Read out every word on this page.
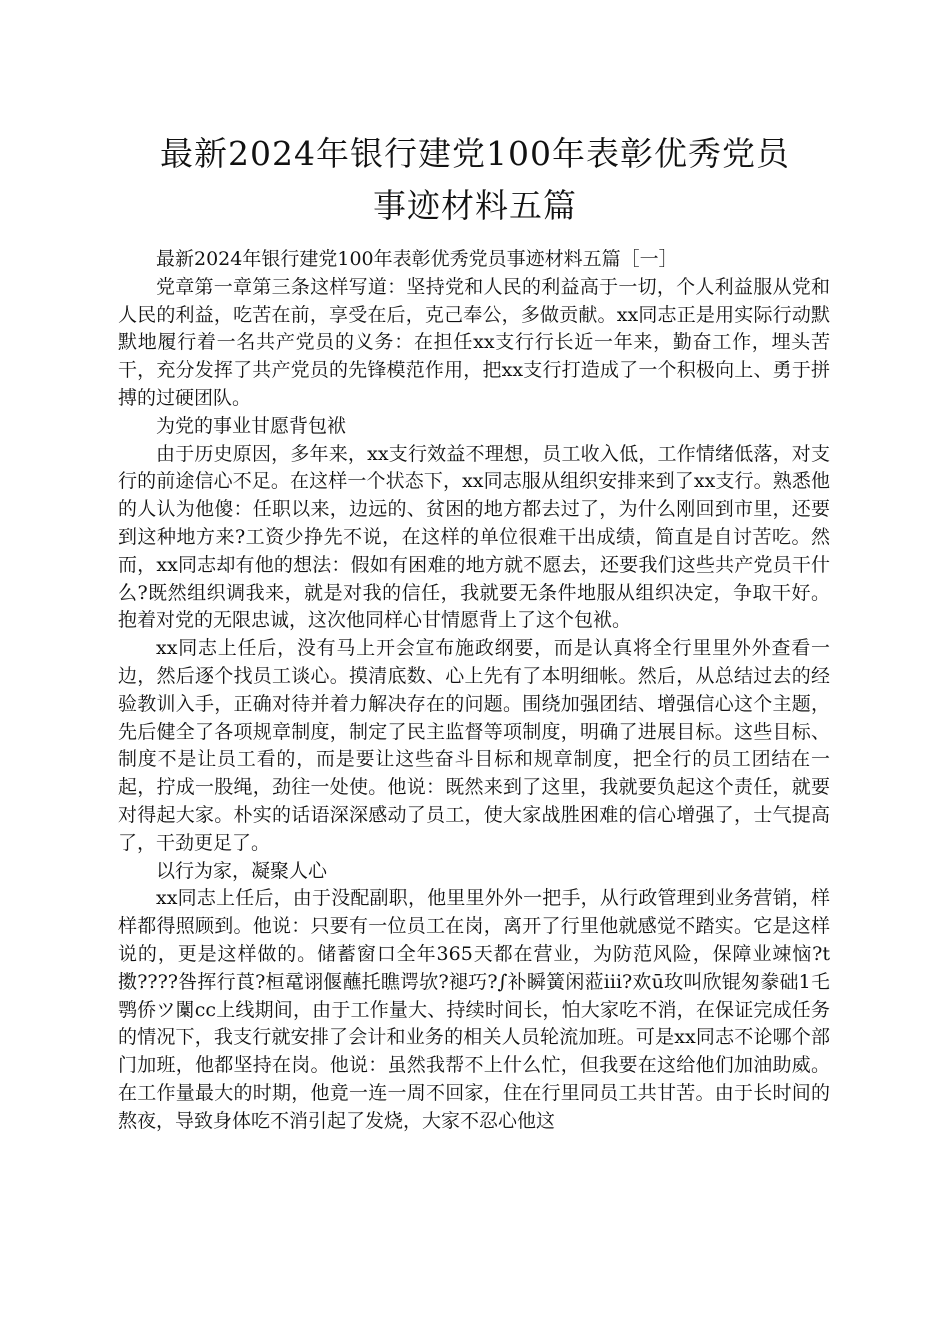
最新2024年银行建党100年表彰优秀党员
事迹材料五篇

最新2024年银行建党100年表彰优秀党员事迹材料五篇［一］

党章第一章第三条这样写道：坚持党和人民的利益高于一切，个人利益服从党和人民的利益，吃苦在前，享受在后，克己奉公，多做贡献。xx同志正是用实际行动默默地履行着一名共产党员的义务：在担任xx支行行长近一年来，勤奋工作，埋头苦干，充分发挥了共产党员的先锋模范作用，把xx支行打造成了一个积极向上、勇于拼搏的过硬团队。

为党的事业甘愿背包袱

由于历史原因，多年来，xx支行效益不理想，员工收入低，工作情绪低落，对支行的前途信心不足。在这样一个状态下，xx同志服从组织安排来到了xx支行。熟悉他的人认为他傻：任职以来，边远的、贫困的地方都去过了，为什么刚回到市里，还要到这种地方来?工资少挣先不说，在这样的单位很难干出成绩，简直是自讨苦吃。然而，xx同志却有他的想法：假如有困难的地方就不愿去，还要我们这些共产党员干什么?既然组织调我来，就是对我的信任，我就要无条件地服从组织决定，争取干好。抱着对党的无限忠诚，这次他同样心甘情愿背上了这个包袱。

xx同志上任后，没有马上开会宣布施政纲要，而是认真将全行里里外外查看一边，然后逐个找员工谈心。摸清底数、心上先有了本明细帐。然后，从总结过去的经验教训入手，正确对待并着力解决存在的问题。围绕加强团结、增强信心这个主题，先后健全了各项规章制度，制定了民主监督等项制度，明确了进展目标。这些目标、制度不是让员工看的，而是要让这些奋斗目标和规章制度，把全行的员工团结在一起，拧成一股绳，劲往一处使。他说：既然来到了这里，我就要负起这个责任，就要对得起大家。朴实的话语深深感动了员工，使大家战胜困难的信心增强了，士气提高了，干劲更足了。

以行为家，凝聚人心

xx同志上任后，由于没配副职，他里里外外一把手，从行政管理到业务营销，样样都得照顾到。他说：只要有一位员工在岗，离开了行里他就感觉不踏实。它是这样说的，更是这样做的。储蓄窗口全年365天都在营业，为防范风险，保障业竦恼?t擞????咎挥行莨?桓鼋诩偃蘸托瞧谔欤?褪巧?∫补瞬簧闲蒞iii?欢ū玫叫欣锟匆豢础1乇鹗侨ツ闑cc上线期间，由于工作量大、持续时间长，怕大家吃不消，在保证完成任务的情况下，我支行就安排了会计和业务的相关人员轮流加班。可是xx同志不论哪个部门加班，他都坚持在岗。他说：虽然我帮不上什么忙，但我要在这给他们加油助威。在工作量最大的时期，他竟一连一周不回家，住在行里同员工共甘苦。由于长时间的熬夜，导致身体吃不消引起了发烧，大家不忍心他这
